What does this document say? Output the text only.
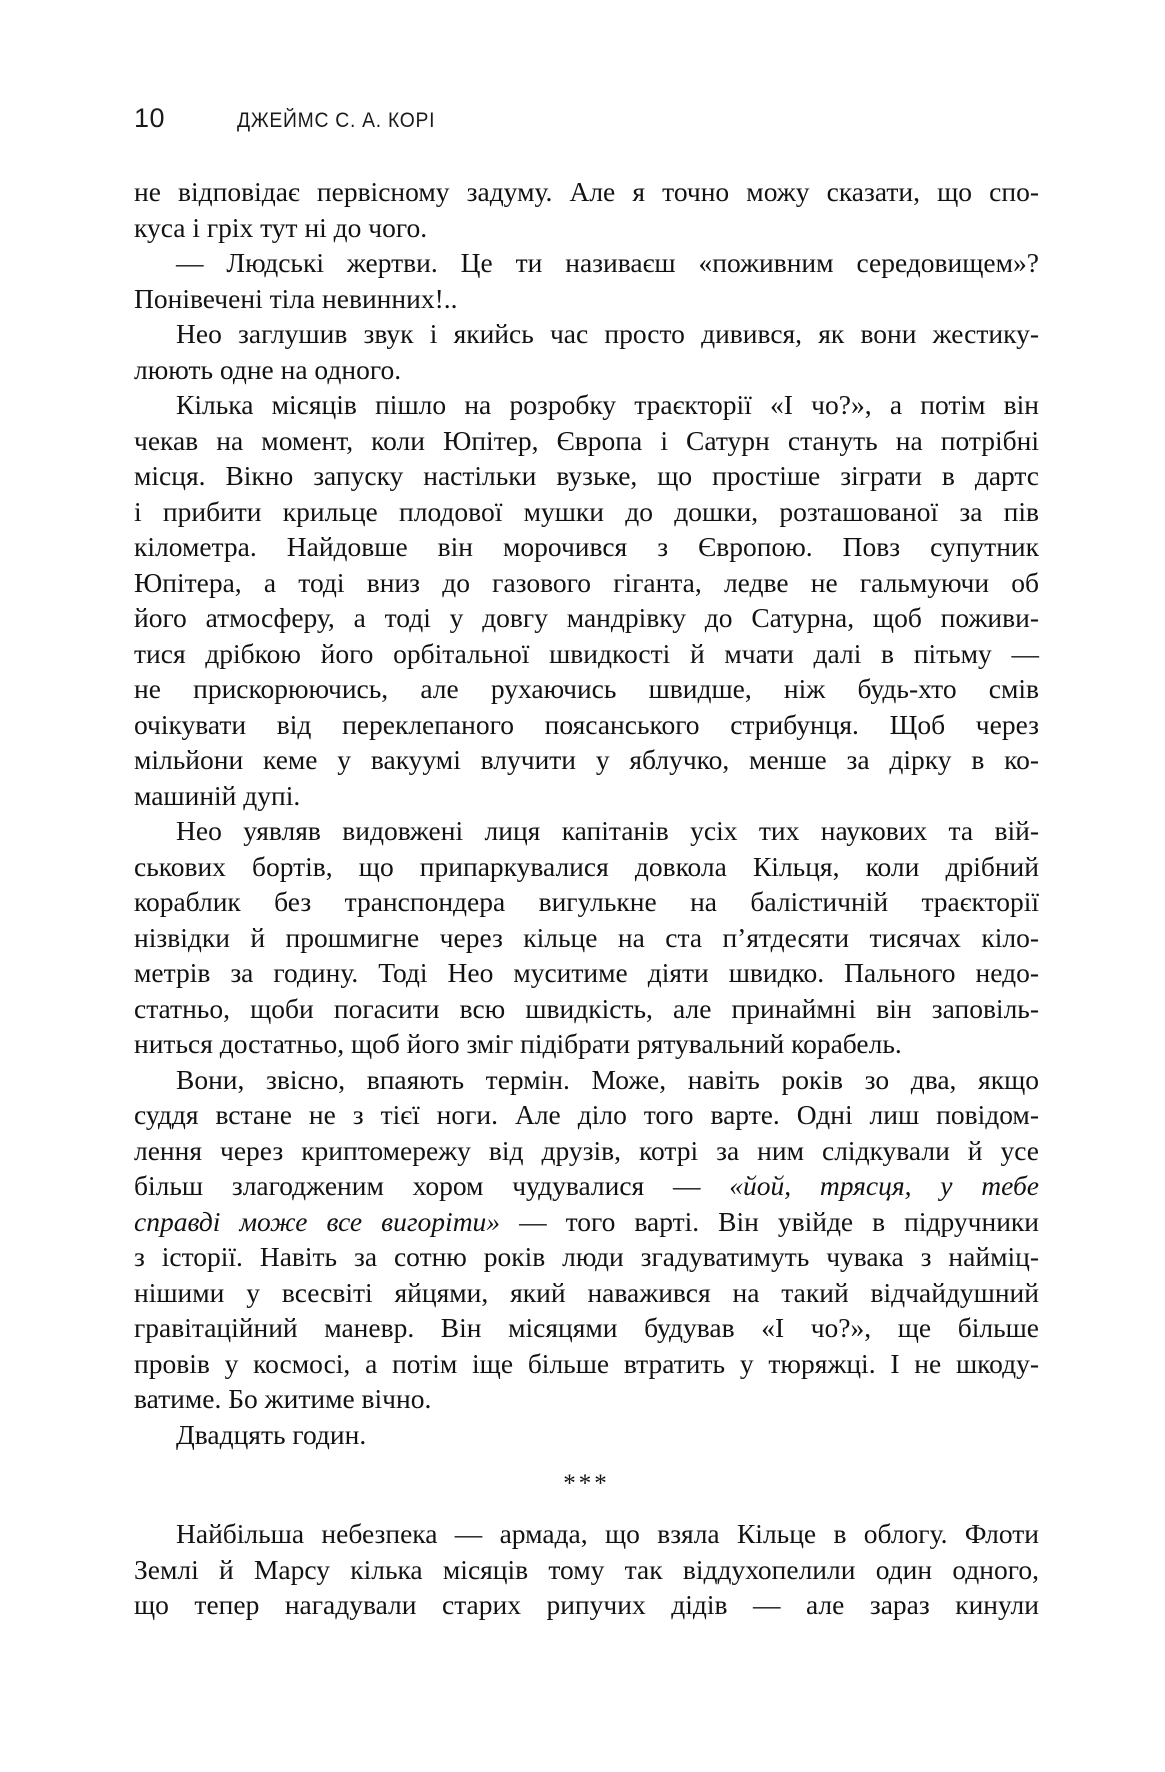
10	ДЖЕЙМС С. А. КОРІ
не відповідає первісному задуму. Але я точно можу сказати, що спо-
куса і гріх тут ні до чого.
— Людські жертви. Це ти називаєш «поживним середовищем»?
Понівечені тіла невинних!..
Нео заглушив звук і якийсь час просто дивився, як вони жестику-
люють одне на одного.
Кілька місяців пішло на розробку траєкторії «І чо?», а потім він
чекав на момент, коли Юпітер, Європа і Сатурн стануть на потрібні
місця. Вікно запуску настільки вузьке, що простіше зіграти в дартс
і прибити крильце плодової мушки до дошки, розташованої за пів
кілометра. Найдовше він морочився з Європою. Повз супутник
Юпітера, а тоді вниз до газового гіганта, ледве не гальмуючи об
його атмосферу, а тоді у довгу мандрівку до Сатурна, щоб поживи-
тися дрібкою його орбітальної швидкості й мчати далі в пітьму —
не прискорюючись, але рухаючись швидше, ніж будь-хто смів
очікувати від переклепаного поясанського стрибунця. Щоб через
мільйони кеме у вакуумі влучити у яблучко, менше за дірку в ко-
машиній дупі.
Нео уявляв видовжені лиця капітанів усіх тих наукових та вій-
ськових бортів, що припаркувалися довкола Кільця, коли дрібний
кораблик без транспондера вигулькне на балістичній траєкторії
нізвідки й прошмигне через кільце на ста п’ятдесяти тисячах кіло-
метрів за годину. Тоді Нео муситиме діяти швидко. Пального недо-
статньо, щоби погасити всю швидкість, але принаймні він заповіль-
ниться достатньо, щоб його зміг підібрати рятувальний корабель.
Вони, звісно, впаяють термін. Може, навіть років зо два, якщо
суддя встане не з тієї ноги. Але діло того варте. Одні лиш повідом-
лення через криптомережу від друзів, котрі за ним слідкували й усе
більш злагодженим хором чудувалися — «йой, трясця, у тебе
справді може все вигоріти» — того варті. Він увійде в підручники
з історії. Навіть за сотню років люди згадуватимуть чувака з найміц-
нішими у всесвіті яйцями, який наважився на такий відчайдушний
гравітаційний маневр. Він місяцями будував «І чо?», ще більше
провів у космосі, а потім іще більше втратить у тюряжці. І не шкоду-
ватиме. Бо житиме вічно.
Двадцять годин.
***
Найбільша небезпека — армада, що взяла Кільце в облогу. Флоти
Землі й Марсу кілька місяців тому так віддухопелили один одного,
що тепер нагадували старих рипучих дідів — але зараз кинули
